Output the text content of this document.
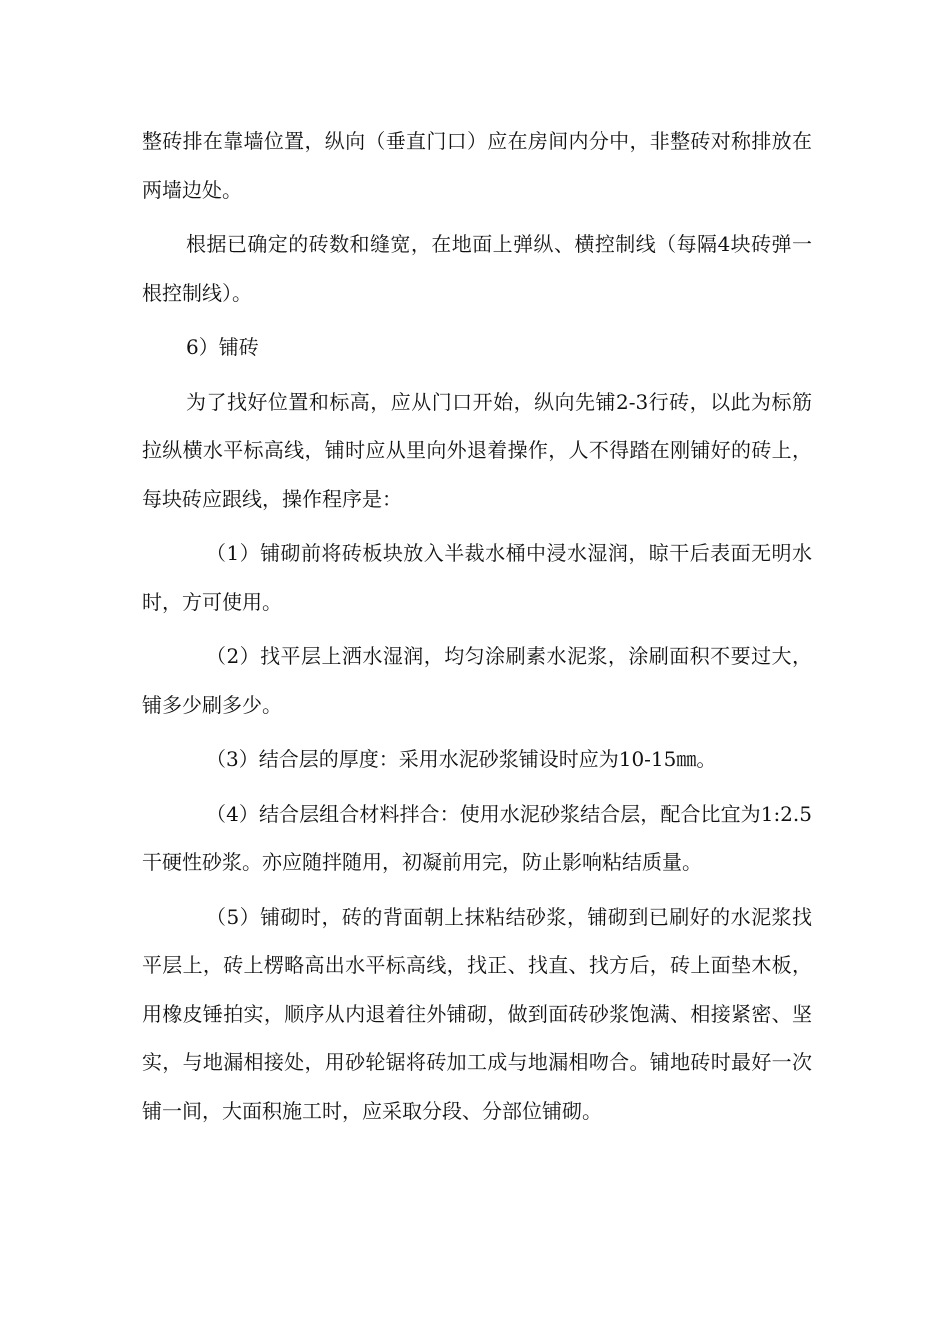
整砖排在靠墙位置，纵向（垂直门口）应在房间内分中，非整砖对称排放在两墙边处。

根据已确定的砖数和缝宽，在地面上弹纵、横控制线（每隔4块砖弹一根控制线）。

6）铺砖

为了找好位置和标高，应从门口开始，纵向先铺2-3行砖，以此为标筋拉纵横水平标高线，铺时应从里向外退着操作，人不得踏在刚铺好的砖上，每块砖应跟线，操作程序是：

（1）铺砌前将砖板块放入半裁水桶中浸水湿润，晾干后表面无明水时，方可使用。

（2）找平层上洒水湿润，均匀涂刷素水泥浆，涂刷面积不要过大，铺多少刷多少。

（3）结合层的厚度：采用水泥砂浆铺设时应为10-15㎜。

（4）结合层组合材料拌合：使用水泥砂浆结合层，配合比宜为1:2.5干硬性砂浆。亦应随拌随用，初凝前用完，防止影响粘结质量。

（5）铺砌时，砖的背面朝上抹粘结砂浆，铺砌到已刷好的水泥浆找平层上，砖上楞略高出水平标高线，找正、找直、找方后，砖上面垫木板，用橡皮锤拍实，顺序从内退着往外铺砌，做到面砖砂浆饱满、相接紧密、坚实，与地漏相接处，用砂轮锯将砖加工成与地漏相吻合。铺地砖时最好一次铺一间，大面积施工时，应采取分段、分部位铺砌。
